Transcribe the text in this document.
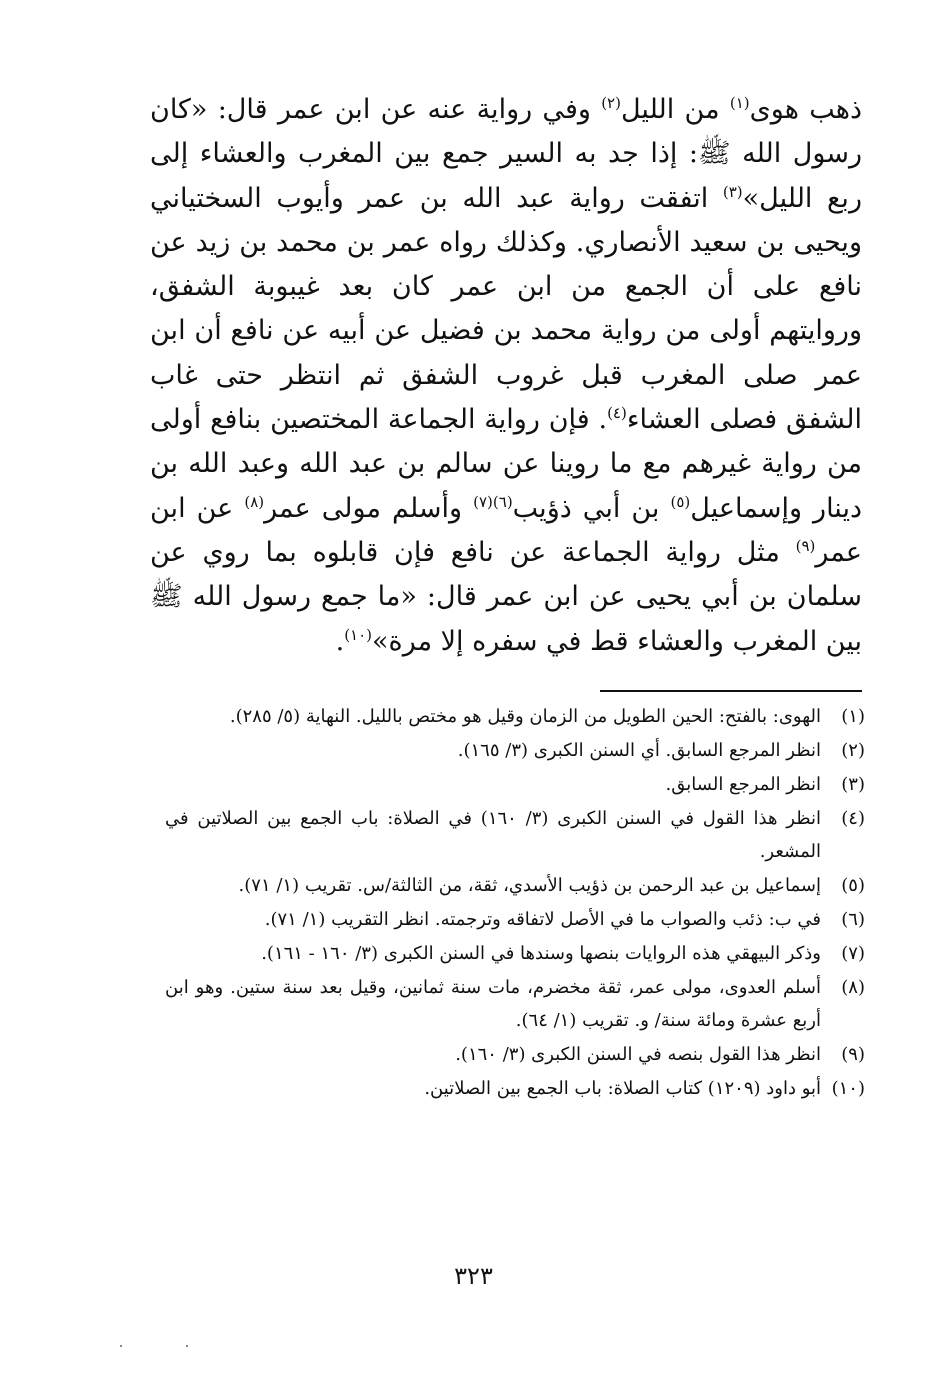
ذهب هوى$^{(١)}$ من الليل$^{(٢)}$ وفي رواية عنه عن ابن عمر قال: «كان رسول الله ﷺ: إذا جد به السير جمع بين المغرب والعشاء إلى ربع الليل»$^{(٣)}$ اتفقت رواية عبد الله بن عمر وأيوب السختياني ويحيى بن سعيد الأنصاري. وكذلك رواه عمر بن محمد بن زيد عن نافع على أن الجمع من ابن عمر كان بعد غيبوبة الشفق، وروايتهم أولى من رواية محمد بن فضيل عن أبيه عن نافع أن ابن عمر صلى المغرب قبل غروب الشفق ثم انتظر حتى غاب الشفق فصلى العشاء$^{(٤)}$. فإن رواية الجماعة المختصين بنافع أولى من رواية غيرهم مع ما روينا عن سالم بن عبد الله وعبد الله بن دينار وإسماعيل$^{(٥)}$ بن أبي ذؤيب$^{(٦)(٧)}$ وأسلم مولى عمر$^{(٨)}$ عن ابن عمر$^{(٩)}$ مثل رواية الجماعة عن نافع فإن قابلوه بما روي عن سلمان بن أبي يحيى عن ابن عمر قال: «ما جمع رسول الله ﷺ بين المغرب والعشاء قط في سفره إلا مرة»$^{(١٠)}$.

(١)
الهوى: بالفتح: الحين الطويل من الزمان وقيل هو مختص بالليل. النهاية (٥/ ٢٨٥).
(٢)
انظر المرجع السابق. أي السنن الكبرى (٣/ ١٦٥).
(٣)
انظر المرجع السابق.
(٤)
انظر هذا القول في السنن الكبرى (٣/ ١٦٠) في الصلاة: باب الجمع بين الصلاتين في المشعر.
(٥)
إسماعيل بن عبد الرحمن بن ذؤيب الأسدي، ثقة، من الثالثة/س. تقريب (١/ ٧١).
(٦)
في ب: ذئب والصواب ما في الأصل لاتفاقه وترجمته. انظر التقريب (١/ ٧١).
(٧)
وذكر البيهقي هذه الروايات بنصها وسندها في السنن الكبرى (٣/ ١٦٠ - ١٦١).
(٨)
أسلم العدوى، مولى عمر، ثقة مخضرم، مات سنة ثمانين، وقيل بعد سنة ستين. وهو ابن أربع عشرة ومائة سنة/ و. تقريب (١/ ٦٤).
(٩)
انظر هذا القول بنصه في السنن الكبرى (٣/ ١٦٠).
(١٠)
أبو داود (١٢٠٩) كتاب الصلاة: باب الجمع بين الصلاتين.
٣٢٣
